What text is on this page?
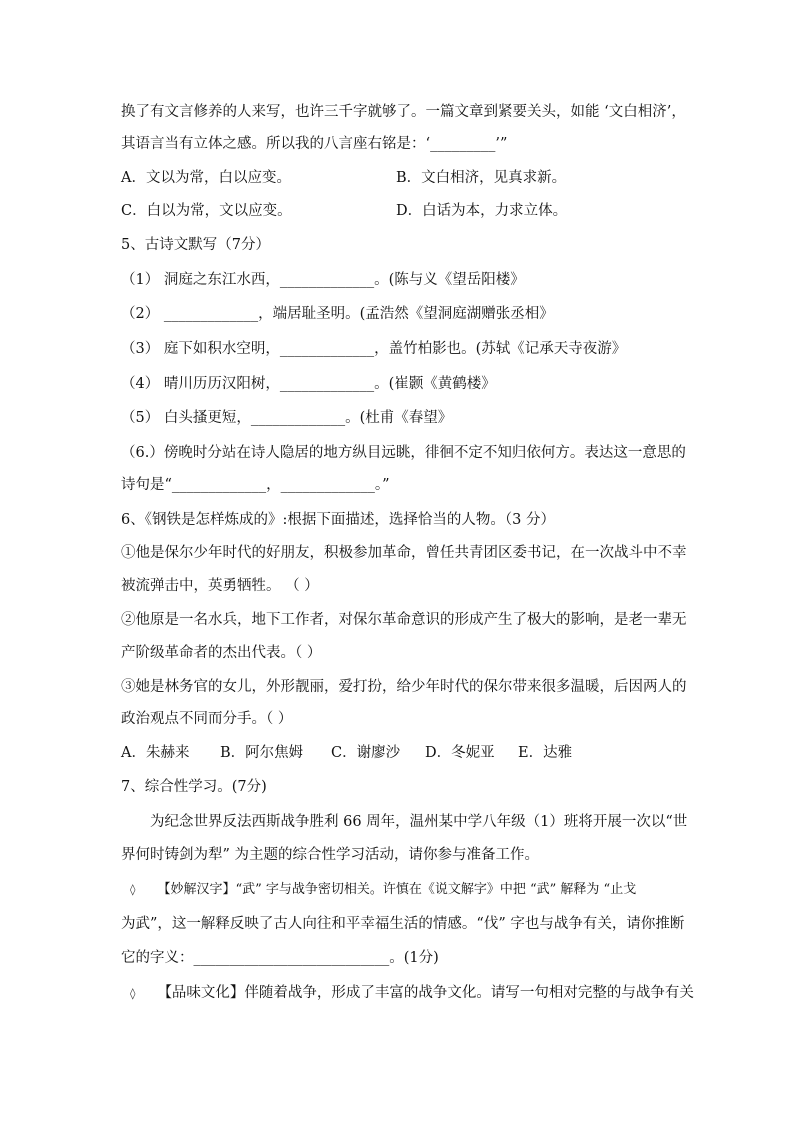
换了有文言修养的人来写，也许三千字就够了。一篇文章到紧要关头，如能 ‘文白相济’，
其语言当有立体之感。所以我的八言座右铭是：‘_________’”
A．文以为常，白以应变。	B．文白相济，见真求新。
C．白以为常，文以应变。	D．白话为本，力求立体。
5、古诗文默写（7分）
（1） 洞庭之东江水西，_____________。(陈与义《望岳阳楼》
（2） _____________，端居耻圣明。(孟浩然《望洞庭湖赠张丞相》
（3） 庭下如积水空明，_____________，盖竹柏影也。(苏轼《记承天寺夜游》
（4） 晴川历历汉阳树，_____________。(崔颢《黄鹤楼》
（5） 白头搔更短，_____________。(杜甫《春望》
（6.）傍晚时分站在诗人隐居的地方纵目远眺，徘徊不定不知归依何方。表达这一意思的
诗句是“_____________，_____________。”
6、《钢铁是怎样炼成的》:根据下面描述，选择恰当的人物。（3 分）
①他是保尔少年时代的好朋友，积极参加革命，曾任共青团区委书记，在一次战斗中不幸
被流弹击中，英勇牺牲。 （ ）
②他原是一名水兵，地下工作者，对保尔革命意识的形成产生了极大的影响，是老一辈无
产阶级革命者的杰出代表。（ ）
③她是林务官的女儿，外形靓丽，爱打扮，给少年时代的保尔带来很多温暖，后因两人的
政治观点不同而分手。（ ）
A．朱赫来 B．阿尔焦姆 C．谢廖沙 D．冬妮亚 E．达雅
7、综合性学习。(7分)
为纪念世界反法西斯战争胜利 66 周年，温州某中学八年级（1）班将开展一次以“世
界何时铸剑为犁” 为主题的综合性学习活动，请你参与准备工作。
◊ 【妙解汉字】“武” 字与战争密切相关。许慎在《说文解字》中把 “武” 解释为 “止戈
为武”，这一解释反映了古人向往和平幸福生活的情感。“伐” 字也与战争有关，请你推断
它的字义：___________________________。(1分)
◊ 【品味文化】伴随着战争，形成了丰富的战争文化。请写一句相对完整的与战争有关
